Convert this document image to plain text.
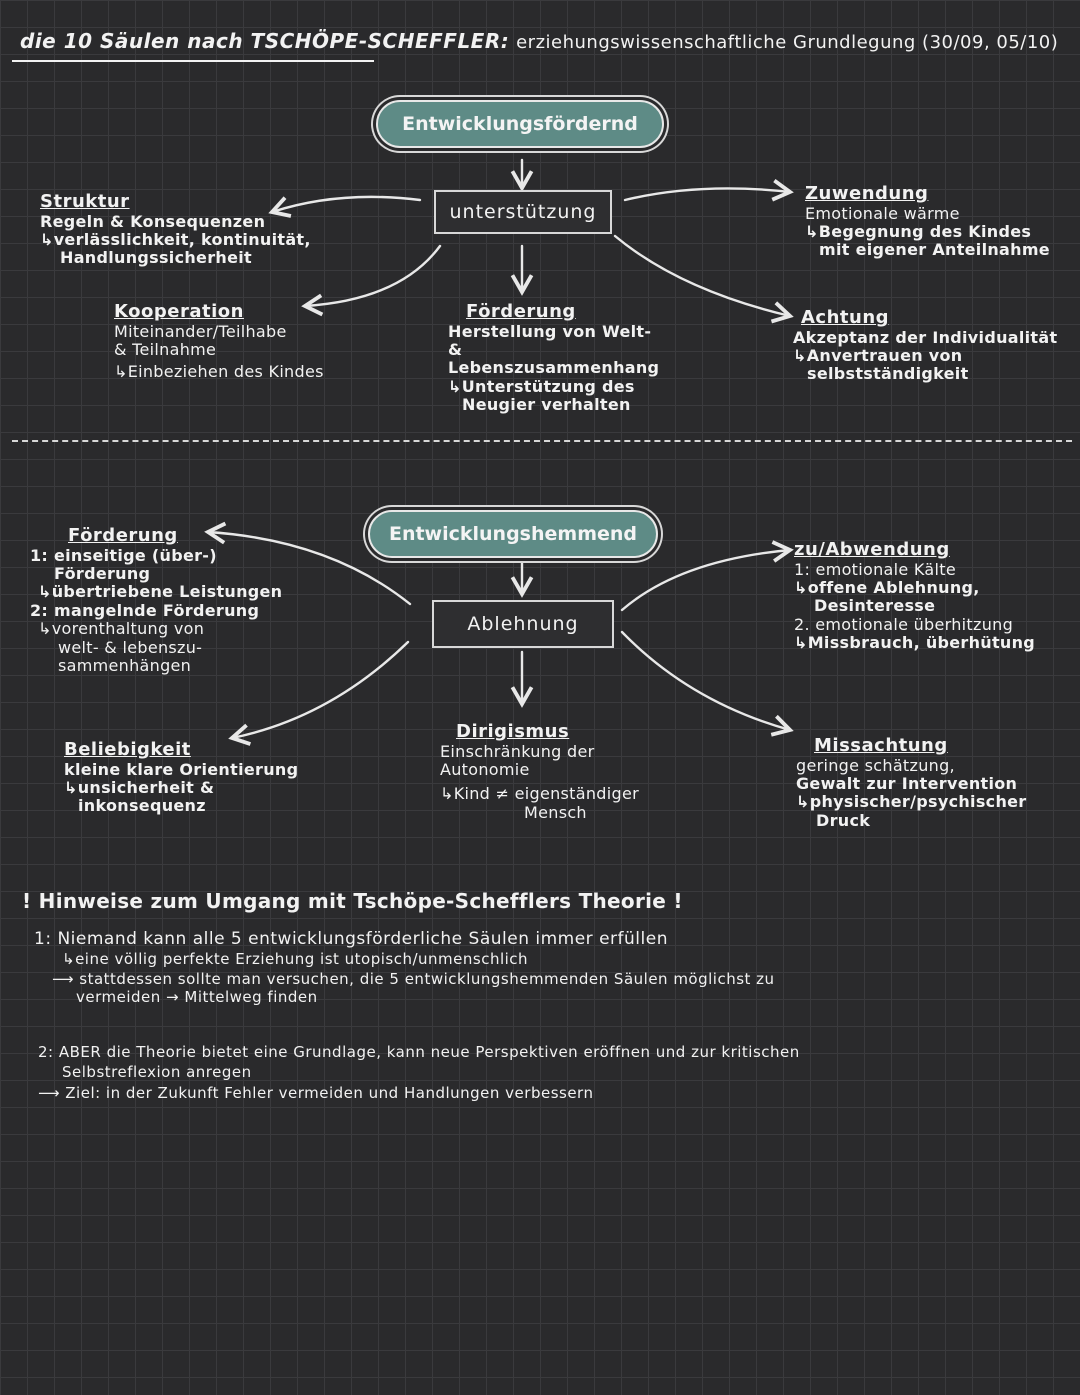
die 10 Säulen nach TSCHÖPE-SCHEFFLER: erziehungswissenschaftliche Grundlegung (30/09, 05/10)
Entwicklungsfördernd
unterstützung
Struktur
Regeln & Konsequenzen
↳verlässlichkeit, kontinuität,
Handlungssicherheit
Kooperation
Miteinander/Teilhabe
& Teilnahme
↳Einbeziehen des Kindes
Förderung
Herstellung von Welt-
& Lebenszusammenhang
↳Unterstützung des
Neugier verhalten
Zuwendung
Emotionale wärme
↳Begegnung des Kindes
mit eigener Anteilnahme
Achtung
Akzeptanz der Individualität
↳Anvertrauen von
selbstständigkeit
Entwicklungshemmend
Ablehnung
Förderung
1: einseitige (über-)
Förderung
↳übertriebene Leistungen
2: mangelnde Förderung
↳vorenthaltung von
welt- & lebenszu-
sammenhängen
Beliebigkeit
kleine klare Orientierung
↳unsicherheit &
inkonsequenz
Dirigismus
Einschränkung der
Autonomie
↳Kind ≠ eigenständiger
Mensch
zu/Abwendung
1: emotionale Kälte
↳offene Ablehnung,
Desinteresse
2. emotionale überhitzung
↳Missbrauch, überhütung
Missachtung
geringe schätzung,
Gewalt zur Intervention
↳physischer/psychischer
Druck
! Hinweise zum Umgang mit Tschöpe-Schefflers Theorie !
1: Niemand kann alle 5 entwicklungsförderliche Säulen immer erfüllen
↳eine völlig perfekte Erziehung ist utopisch/unmenschlich
⟶ stattdessen sollte man versuchen, die 5 entwicklungshemmenden Säulen möglichst zu
vermeiden → Mittelweg finden
2: ABER die Theorie bietet eine Grundlage, kann neue Perspektiven eröffnen und zur kritischen
Selbstreflexion anregen
⟶ Ziel: in der Zukunft Fehler vermeiden und Handlungen verbessern
